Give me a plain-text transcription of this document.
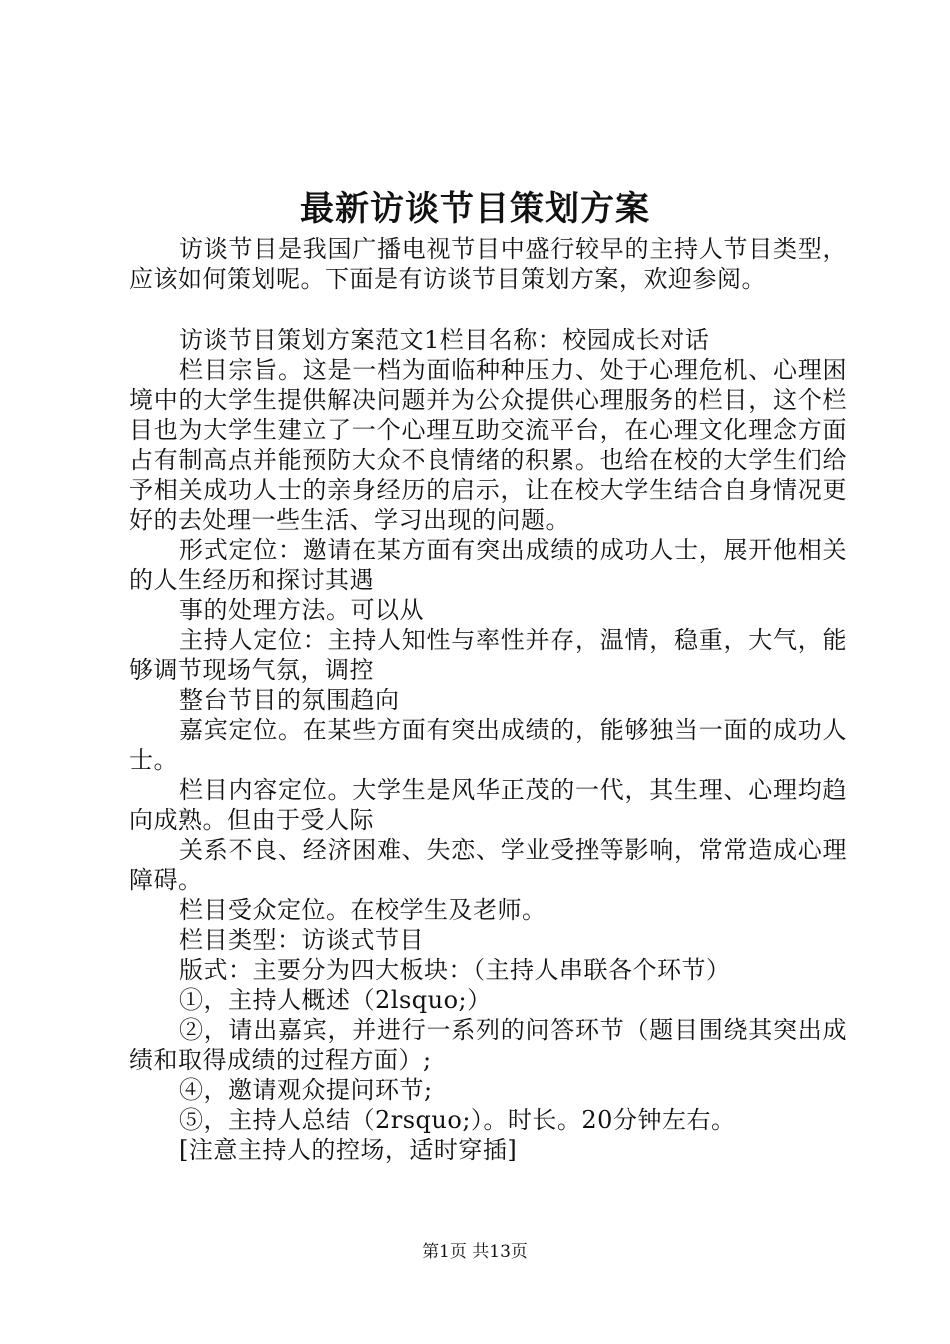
最新访谈节目策划方案

访谈节目是我国广播电视节目中盛行较早的主持人节目类型，应该如何策划呢。下面是有访谈节目策划方案，欢迎参阅。

访谈节目策划方案范文1栏目名称：校园成长对话

栏目宗旨。这是一档为面临种种压力、处于心理危机、心理困境中的大学生提供解决问题并为公众提供心理服务的栏目，这个栏目也为大学生建立了一个心理互助交流平台，在心理文化理念方面占有制高点并能预防大众不良情绪的积累。也给在校的大学生们给予相关成功人士的亲身经历的启示，让在校大学生结合自身情况更好的去处理一些生活、学习出现的问题。

形式定位：邀请在某方面有突出成绩的成功人士，展开他相关的人生经历和探讨其遇

事的处理方法。可以从

主持人定位：主持人知性与率性并存，温情，稳重，大气，能够调节现场气氛，调控

整台节目的氛围趋向

嘉宾定位。在某些方面有突出成绩的，能够独当一面的成功人士。

栏目内容定位。大学生是风华正茂的一代，其生理、心理均趋向成熟。但由于受人际

关系不良、经济困难、失恋、学业受挫等影响，常常造成心理障碍。

栏目受众定位。在校学生及老师。

栏目类型：访谈式节目

版式：主要分为四大板块：（主持人串联各个环节）

①，主持人概述（2lsquo;）

②，请出嘉宾，并进行一系列的问答环节（题目围绕其突出成绩和取得成绩的过程方面）;

④，邀请观众提问环节;

⑤，主持人总结（2rsquo;）。时长。20分钟左右。

[注意主持人的控场，适时穿插]

第1页 共13页
